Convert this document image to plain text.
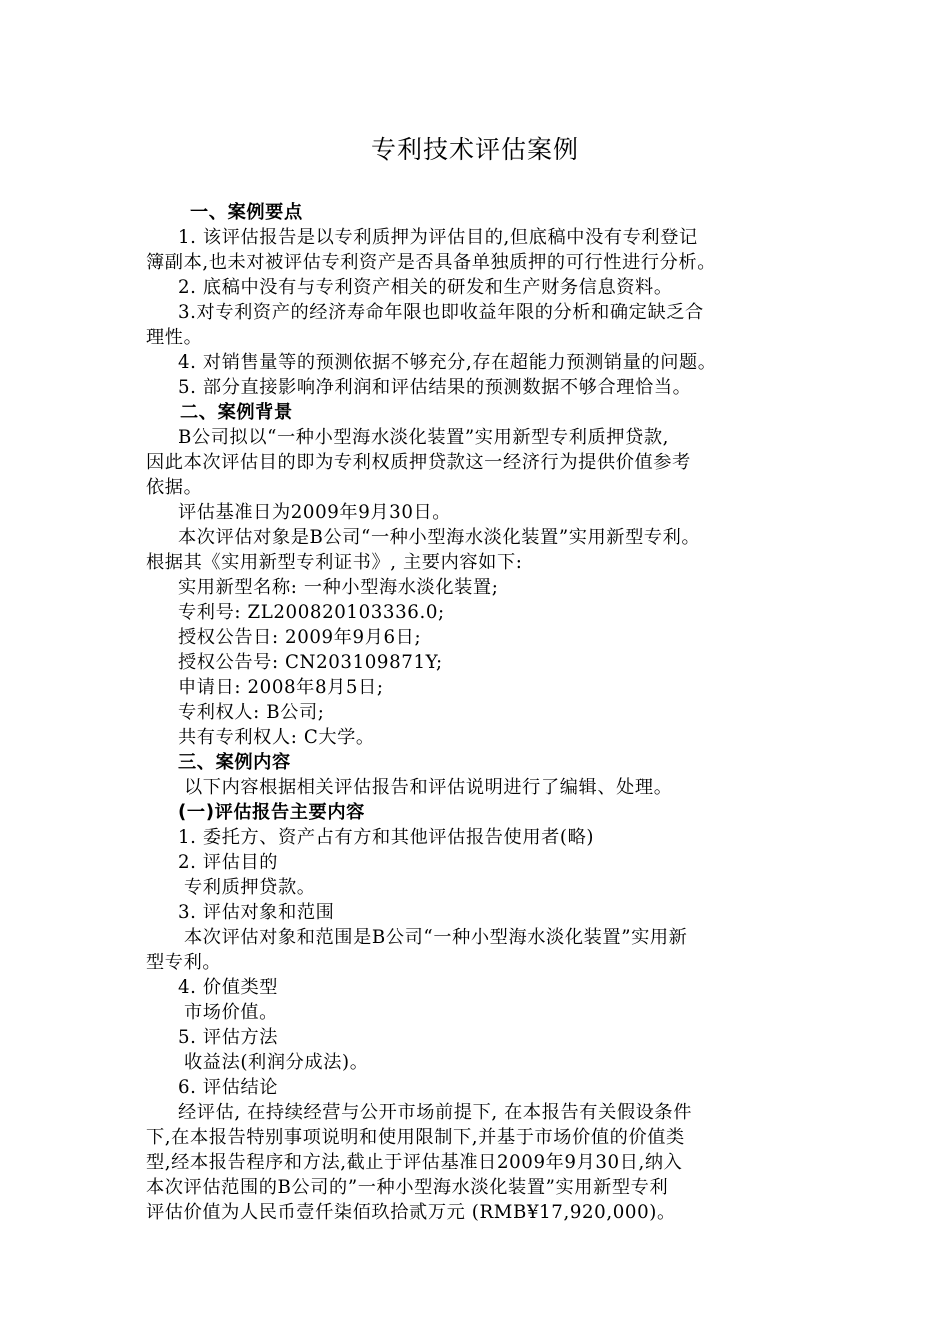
专利技术评估案例

一、案例要点

1. 该评估报告是以专利质押为评估目的,但底稿中没有专利登记

簿副本,也未对被评估专利资产是否具备单独质押的可行性进行分析。

2. 底稿中没有与专利资产相关的研发和生产财务信息资料。

3.对专利资产的经济寿命年限也即收益年限的分析和确定缺乏合

理性。

4. 对销售量等的预测依据不够充分,存在超能力预测销量的问题。

5. 部分直接影响净利润和评估结果的预测数据不够合理恰当。

二、案例背景

B公司拟以“一种小型海水淡化装置”实用新型专利质押贷款,

因此本次评估目的即为专利权质押贷款这一经济行为提供价值参考

依据。

评估基准日为2009年9月30日。

本次评估对象是B公司“一种小型海水淡化装置”实用新型专利。

根据其《实用新型专利证书》, 主要内容如下:

实用新型名称: 一种小型海水淡化装置;

专利号: ZL200820103336.0;

授权公告日: 2009年9月6日;

授权公告号: CN203109871Y;

申请日: 2008年8月5日;

专利权人: B公司;

共有专利权人: C大学。

三、案例内容

以下内容根据相关评估报告和评估说明进行了编辑、处理。

(一)评估报告主要内容

1. 委托方、资产占有方和其他评估报告使用者(略)

2. 评估目的

专利质押贷款。

3. 评估对象和范围

本次评估对象和范围是B公司“一种小型海水淡化装置”实用新

型专利。

4. 价值类型

市场价值。

5. 评估方法

收益法(利润分成法)。

6. 评估结论

经评估, 在持续经营与公开市场前提下, 在本报告有关假设条件

下,在本报告特别事项说明和使用限制下,并基于市场价值的价值类

型,经本报告程序和方法,截止于评估基准日2009年9月30日,纳入

本次评估范围的B公司的”一种小型海水淡化装置”实用新型专利

评估价值为人民币壹仟柒佰玖拾贰万元 (RMB¥17,920,000)。
